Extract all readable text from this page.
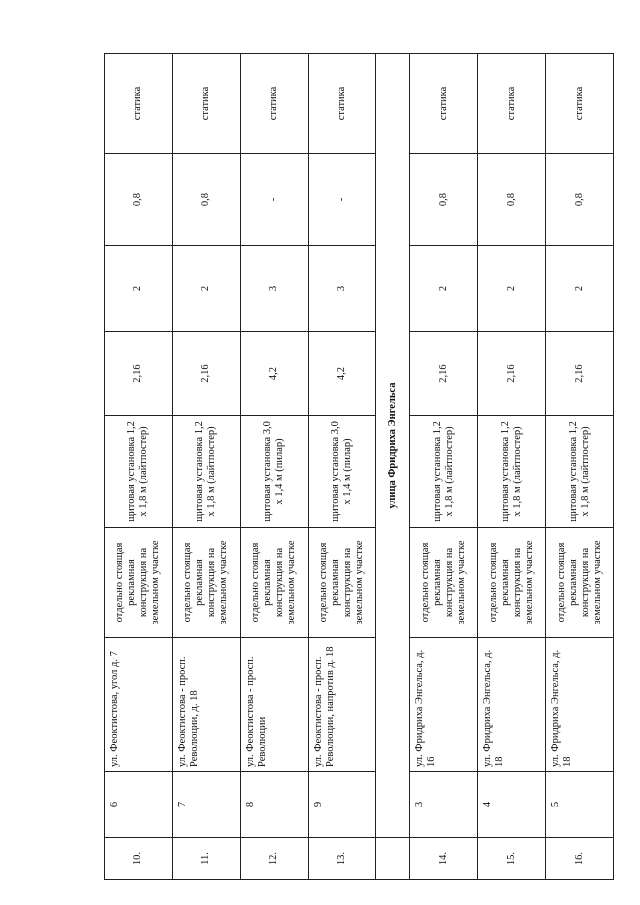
10.	6	ул. Феоктистова, угол д. 7	отдельно стоящая рекламная конструкция на земельном участке	щитовая установка 1,2 х 1,8 м (лайтпостер)	2,16	2	0,8	статика
11.	7	ул. Феоктистова - просп. Революции, д. 18	отдельно стоящая рекламная конструкция на земельном участке	щитовая установка 1,2 х 1,8 м (лайтпостер)	2,16	2	0,8	статика
12.	8	ул. Феоктистова - просп. Революции	отдельно стоящая рекламная конструкция на земельном участке	щитовая установка 3,0 х 1,4 м (пилар)	4,2	3	-	статика
13.	9	ул. Феоктистова - просп. Революции, напротив д. 18	отдельно стоящая рекламная конструкция на земельном участке	щитовая установка 3,0 х 1,4 м (пилар)	4,2	3	-	статика
	улица Фридриха Энгельса							
14.	3	ул. Фридриха Энгельса, д. 16	отдельно стоящая рекламная конструкция на земельном участке	щитовая установка 1,2 х 1,8 м (лайтпостер)	2,16	2	0,8	статика
15.	4	ул. Фридриха Энгельса, д. 18	отдельно стоящая рекламная конструкция на земельном участке	щитовая установка 1,2 х 1,8 м (лайтпостер)	2,16	2	0,8	статика
16.	5	ул. Фридриха Энгельса, д. 18	отдельно стоящая рекламная конструкция на земельном участке	щитовая установка 1,2 х 1,8 м (лайтпостер)	2,16	2	0,8	статика
